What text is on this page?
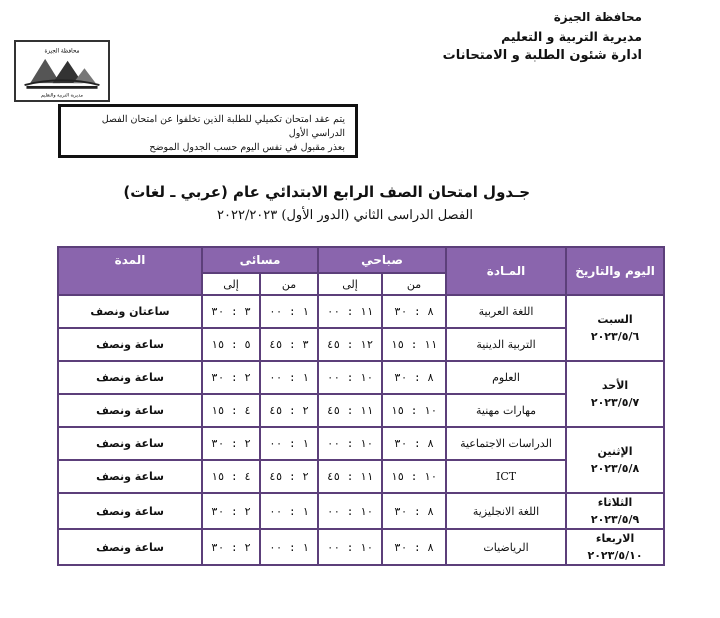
محافظة الجيزة
مديرية التربية و التعليم
ادارة شئون الطلبة و الامتحانات
محافظة الجيزة
مديرية التربية والتعليم
يتم عقد امتحان تكميلي للطلبة الذين تخلفوا عن امتحان الفصل الدراسي الأول
بعذر مقبول في نفس اليوم حسب الجدول الموضح
جـدول امتحان الصف الرابع الابتدائي عام (عربي ـ لغات)
الفصل الدراسى الثاني (الدور الأول) ٢٠٢٢/٢٠٢٣
اليوم والتاريخ	المـادة	صباحي		مسائى		المدة
		من	إلى	من	إلى	

السبت
٢٠٢٣/٥/٦	اللغة العربية	٨ : ٣٠	١١ : ٠٠	١ : ٠٠	٣ : ٣٠	ساعتان ونصف
	التربية الدينية	١١ : ١٥	١٢ : ٤٥	٣ : ٤٥	٥ : ١٥	ساعة ونصف

الأحد
٢٠٢٣/٥/٧	العلوم	٨ : ٣٠	١٠ : ٠٠	١ : ٠٠	٢ : ٣٠	ساعة ونصف
	مهارات مهنية	١٠ : ١٥	١١ : ٤٥	٢ : ٤٥	٤ : ١٥	ساعة ونصف

الإثنين
٢٠٢٣/٥/٨	الدراسات الاجتماعية	٨ : ٣٠	١٠ : ٠٠	١ : ٠٠	٢ : ٣٠	ساعة ونصف
	ICT	١٠ : ١٥	١١ : ٤٥	٢ : ٤٥	٤ : ١٥	ساعة ونصف

الثلاثاء
٢٠٢٣/٥/٩	اللغة الانجليزية	٨ : ٣٠	١٠ : ٠٠	١ : ٠٠	٢ : ٣٠	ساعة ونصف

الاربعاء
٢٠٢٣/٥/١٠	الرياضيات	٨ : ٣٠	١٠ : ٠٠	١ : ٠٠	٢ : ٣٠	ساعة ونصف
